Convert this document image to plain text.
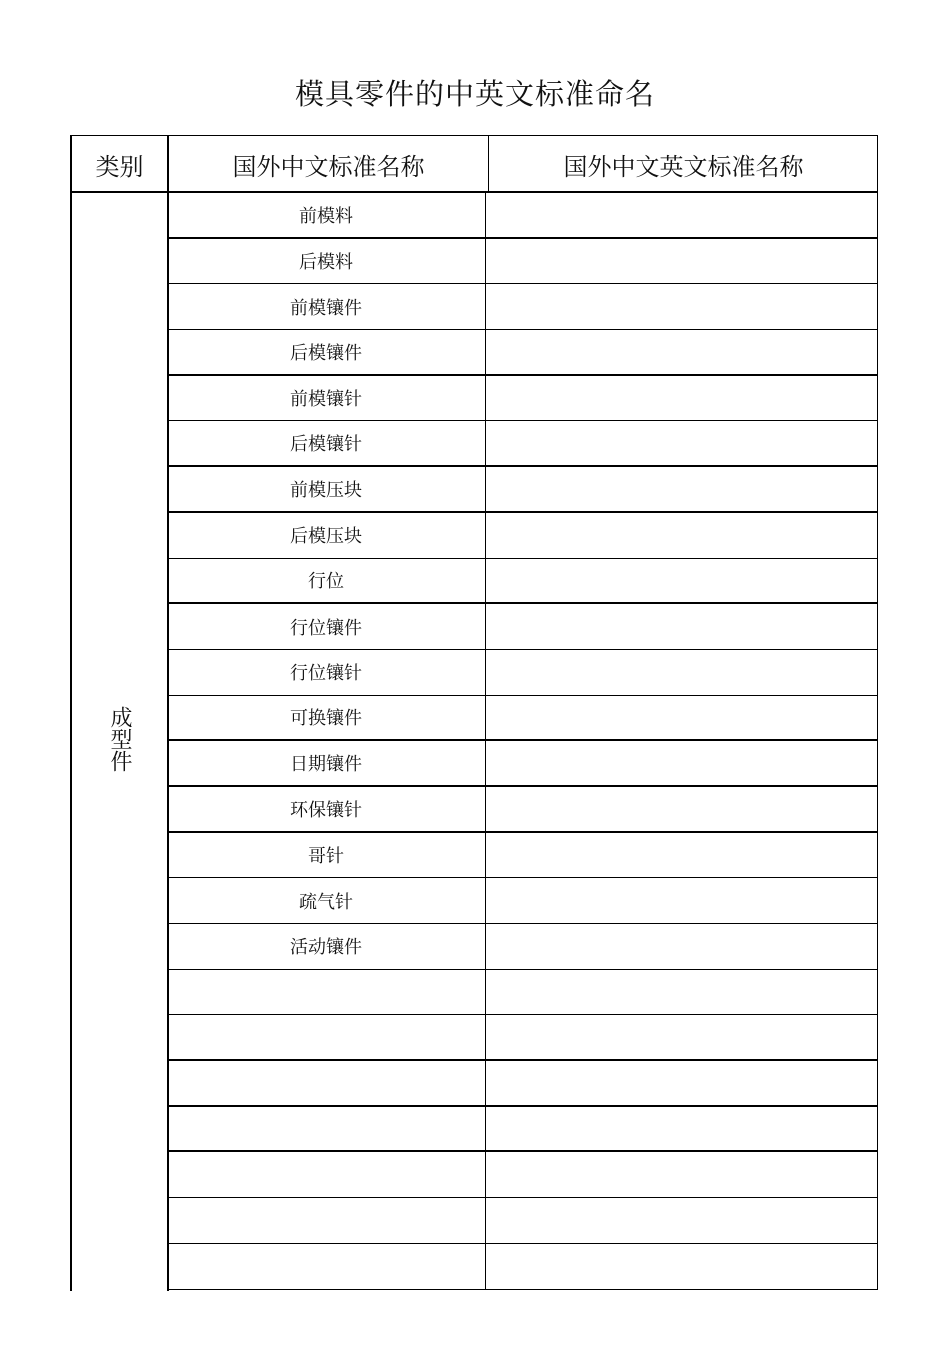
模具零件的中英文标准命名
类别	国外中文标准名称	国外中文英文标准名称
成型件
前模料
后模料
前模镶件
后模镶件
前模镶针
后模镶针
前模压块
后模压块
行位
行位镶件
行位镶针
可换镶件
日期镶件
环保镶针
哥针
疏气针
活动镶件
